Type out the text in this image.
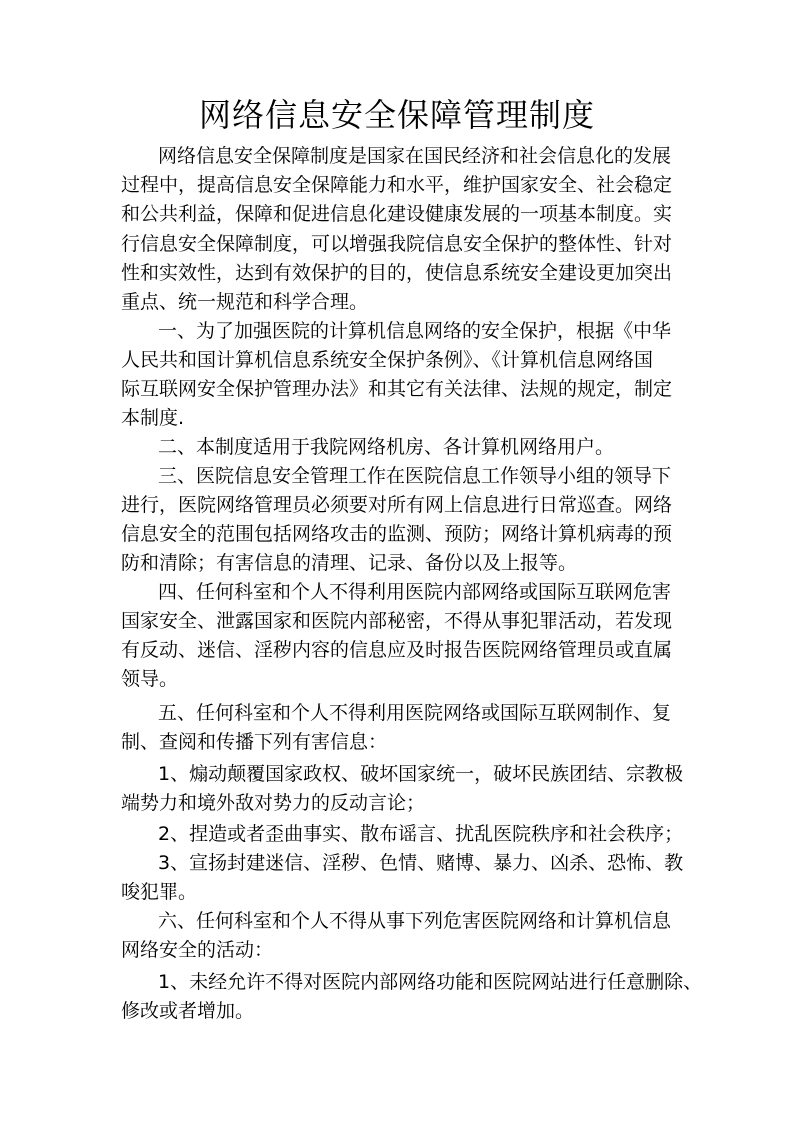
网络信息安全保障管理制度
网络信息安全保障制度是国家在国民经济和社会信息化的发展
过程中，提高信息安全保障能力和水平，维护国家安全、社会稳定
和公共利益，保障和促进信息化建设健康发展的一项基本制度。实
行信息安全保障制度，可以增强我院信息安全保护的整体性、针对
性和实效性，达到有效保护的目的，使信息系统安全建设更加突出
重点、统一规范和科学合理。
一、为了加强医院的计算机信息网络的安全保护，根据《中华
人民共和国计算机信息系统安全保护条例》、《计算机信息网络国
际互联网安全保护管理办法》和其它有关法律、法规的规定，制定
本制度.
二、本制度适用于我院网络机房、各计算机网络用户。
三、医院信息安全管理工作在医院信息工作领导小组的领导下
进行，医院网络管理员必须要对所有网上信息进行日常巡查。网络
信息安全的范围包括网络攻击的监测、预防；网络计算机病毒的预
防和清除；有害信息的清理、记录、备份以及上报等。
四、任何科室和个人不得利用医院内部网络或国际互联网危害
国家安全、泄露国家和医院内部秘密，不得从事犯罪活动，若发现
有反动、迷信、淫秽内容的信息应及时报告医院网络管理员或直属
领导。
五、任何科室和个人不得利用医院网络或国际互联网制作、复
制、查阅和传播下列有害信息：
1、煽动颠覆国家政权、破坏国家统一，破坏民族团结、宗教极
端势力和境外敌对势力的反动言论；
2、捏造或者歪曲事实、散布谣言、扰乱医院秩序和社会秩序；
3、宣扬封建迷信、淫秽、色情、赌博、暴力、凶杀、恐怖、教
唆犯罪。
六、任何科室和个人不得从事下列危害医院网络和计算机信息
网络安全的活动：
1、未经允许不得对医院内部网络功能和医院网站进行任意删除、
修改或者增加。
